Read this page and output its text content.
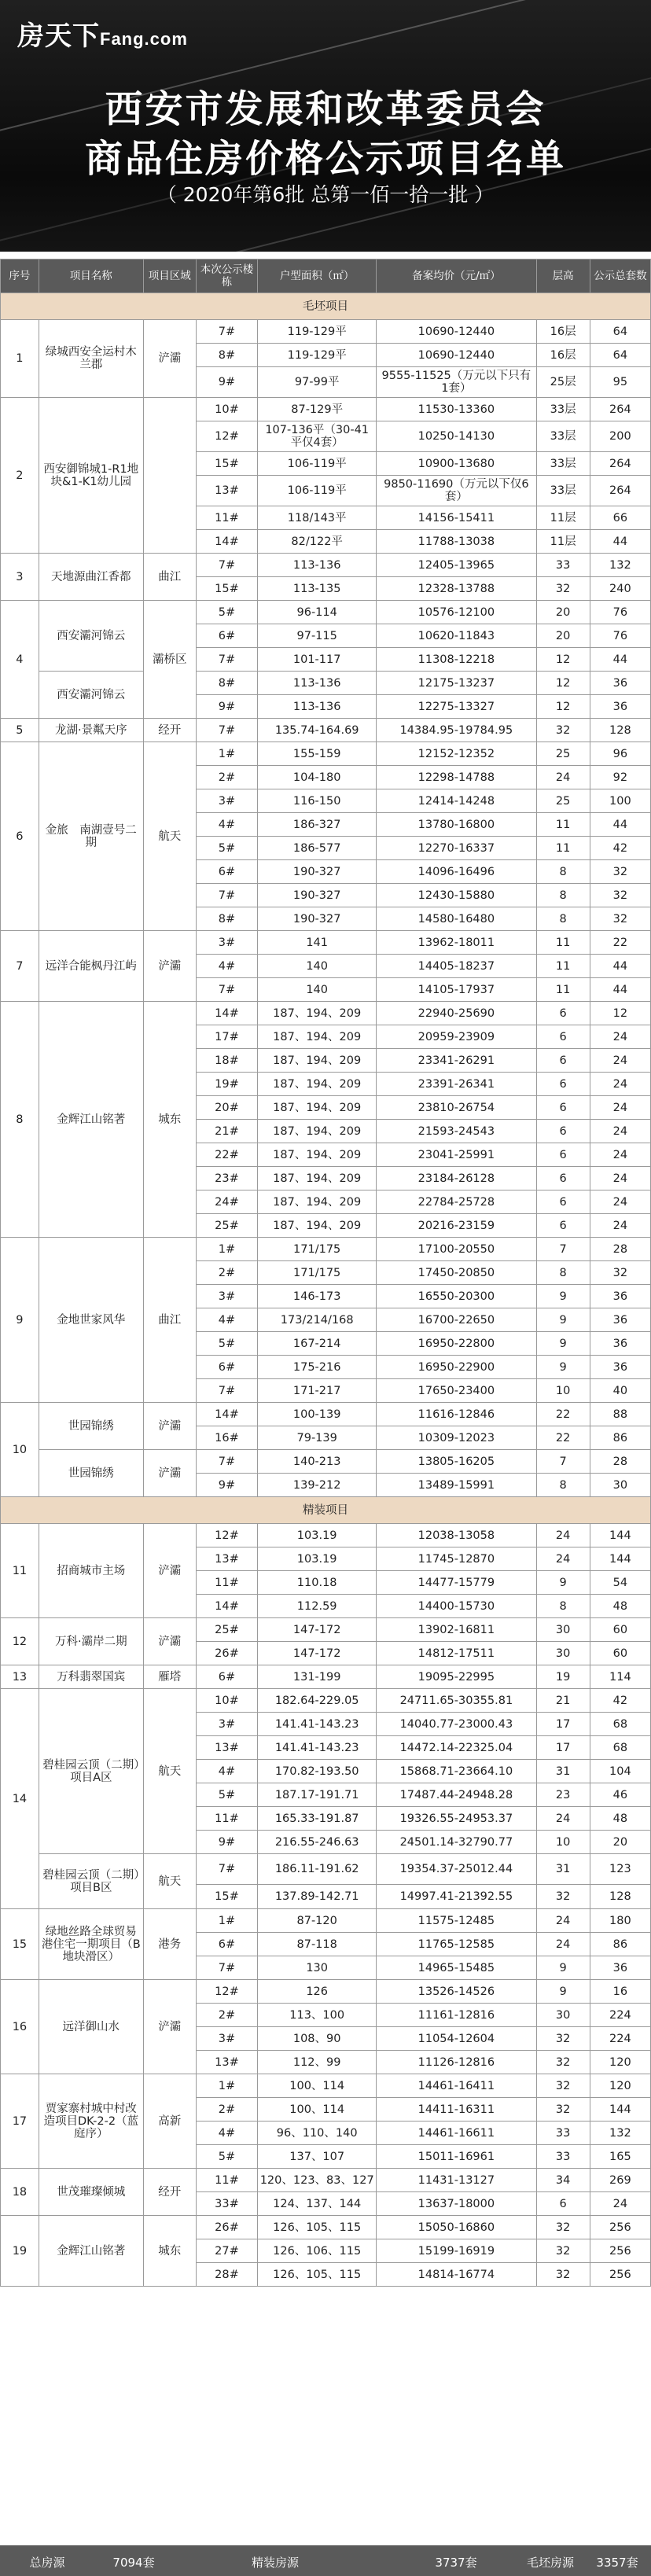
房天下Fang.com
西安市发展和改革委员会
商品住房价格公示项目名单
（ 2020年第6批 总第一佰一拾一批 ）
序号	项目名称	项目区域	本次公示楼栋	户型面积（㎡）	备案均价（元/㎡）	层高	公示总套数
毛坯项目							
1	绿城西安全运村木兰郡	浐灞	7#	119-129平	10690-12440	16层	64
			8#	119-129平	10690-12440	16层	64
			9#	97-99平	9555-11525（万元以下只有1套）	25层	95
2	西安御锦城1-R1地块&1-K1幼儿园		10#	87-129平	11530-13360	33层	264
			12#	107-136平（30-41平仅4套）	10250-14130	33层	200
			15#	106-119平	10900-13680	33层	264
			13#	106-119平	9850-11690（万元以下仅6套）	33层	264
			11#	118/143平	14156-15411	11层	66
			14#	82/122平	11788-13038	11层	44
3	天地源曲江香都	曲江	7#	113-136	12405-13965	33	132
			15#	113-135	12328-13788	32	240
4	西安灞河锦云	灞桥区	5#	96-114	10576-12100	20	76
			6#	97-115	10620-11843	20	76
			7#	101-117	11308-12218	12	44
	西安灞河锦云		8#	113-136	12175-13237	12	36
			9#	113-136	12275-13327	12	36
5	龙湖·景粼天序	经开	7#	135.74-164.69	14384.95-19784.95	32	128
6	金旅　南湖壹号二期	航天	1#	155-159	12152-12352	25	96
			2#	104-180	12298-14788	24	92
			3#	116-150	12414-14248	25	100
			4#	186-327	13780-16800	11	44
			5#	186-577	12270-16337	11	42
			6#	190-327	14096-16496	8	32
			7#	190-327	12430-15880	8	32
			8#	190-327	14580-16480	8	32
7	远洋合能枫丹江屿	浐灞	3#	141	13962-18011	11	22
			4#	140	14405-18237	11	44
			7#	140	14105-17937	11	44
8	金辉江山铭著	城东	14#	187、194、209	22940-25690	6	12
			17#	187、194、209	20959-23909	6	24
			18#	187、194、209	23341-26291	6	24
			19#	187、194、209	23391-26341	6	24
			20#	187、194、209	23810-26754	6	24
			21#	187、194、209	21593-24543	6	24
			22#	187、194、209	23041-25991	6	24
			23#	187、194、209	23184-26128	6	24
			24#	187、194、209	22784-25728	6	24
			25#	187、194、209	20216-23159	6	24
9	金地世家风华	曲江	1#	171/175	17100-20550	7	28
			2#	171/175	17450-20850	8	32
			3#	146-173	16550-20300	9	36
			4#	173/214/168	16700-22650	9	36
			5#	167-214	16950-22800	9	36
			6#	175-216	16950-22900	9	36
			7#	171-217	17650-23400	10	40
10	世园锦绣	浐灞	14#	100-139	11616-12846	22	88
			16#	79-139	10309-12023	22	86
	世园锦绣	浐灞	7#	140-213	13805-16205	7	28
			9#	139-212	13489-15991	8	30
精装项目							
11	招商城市主场	浐灞	12#	103.19	12038-13058	24	144
			13#	103.19	11745-12870	24	144
			11#	110.18	14477-15779	9	54
			14#	112.59	14400-15730	8	48
12	万科·灞岸二期	浐灞	25#	147-172	13902-16811	30	60
			26#	147-172	14812-17511	30	60
13	万科翡翠国宾	雁塔	6#	131-199	19095-22995	19	114
14	碧桂园云顶（二期）项目A区	航天	10#	182.64-229.05	24711.65-30355.81	21	42
			3#	141.41-143.23	14040.77-23000.43	17	68
			13#	141.41-143.23	14472.14-22325.04	17	68
			4#	170.82-193.50	15868.71-23664.10	31	104
			5#	187.17-191.71	17487.44-24948.28	23	46
			11#	165.33-191.87	19326.55-24953.37	24	48
			9#	216.55-246.63	24501.14-32790.77	10	20
	碧桂园云顶（二期）项目B区	航天	7#	186.11-191.62	19354.37-25012.44	31	123
			15#	137.89-142.71	14997.41-21392.55	32	128
15	绿地丝路全球贸易港住宅一期项目（B地块滑区）	港务	1#	87-120	11575-12485	24	180
			6#	87-118	11765-12585	24	86
			7#	130	14965-15485	9	36
16	远洋御山水	浐灞	12#	126	13526-14526	9	16
			2#	113、100	11161-12816	30	224
			3#	108、90	11054-12604	32	224
			13#	112、99	11126-12816	32	120
17	贾家寨村城中村改造项目DK-2-2（蓝庭序）	高新	1#	100、114	14461-16411	32	120
			2#	100、114	14411-16311	32	144
			4#	96、110、140	14461-16611	33	132
			5#	137、107	15011-16961	33	165
18	世茂璀璨倾城	经开	11#	120、123、83、127	11431-13127	34	269
			33#	124、137、144	13637-18000	6	24
19	金辉江山铭著	城东	26#	126、105、115	15050-16860	32	256
			27#	126、106、115	15199-16919	32	256
			28#	126、105、115	14814-16774	32	256
总房源	7094套	精装房源	3737套	毛坯房源	3357套
